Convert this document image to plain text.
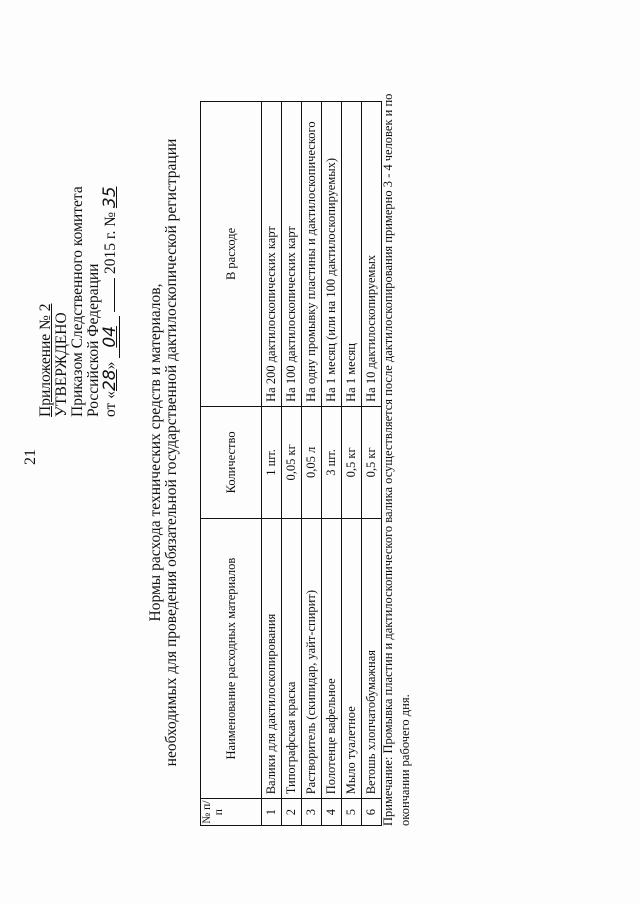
21
Приложение № 2 УТВЕРЖДЕНО Приказом Следственного комитета Российской Федерации от «28» 04  2015 г. № 35
Нормы расхода технических средств и материалов, необходимых для проведения обязательной государственной дактилоскопической регистрации
№ п/п	Наименование расходных материалов	Количество	В расходе
1	Валики для дактилоскопирования	1 шт.	На 200 дактилоскопических карт
2	Типографская краска	0,05 кг	На 100 дактилоскопических карт
3	Растворитель (скипидар, уайт-спирит)	0,05 л	На одну промывку пластины и дактилоскопического
4	Полотенце вафельное	3 шт.	На 1 месяц (или на 100 дактилоскопируемых)
5	Мыло туалетное	0,5 кг	На 1 месяц
6	Ветошь хлопчатобумажная	0,5 кг	На 10 дактилоскопируемых Примечание: Промывка пластин и дактилоскопического валика осуществляется после дактилоскопирования примерно 3 - 4 человек и по окончании рабочего дня.
